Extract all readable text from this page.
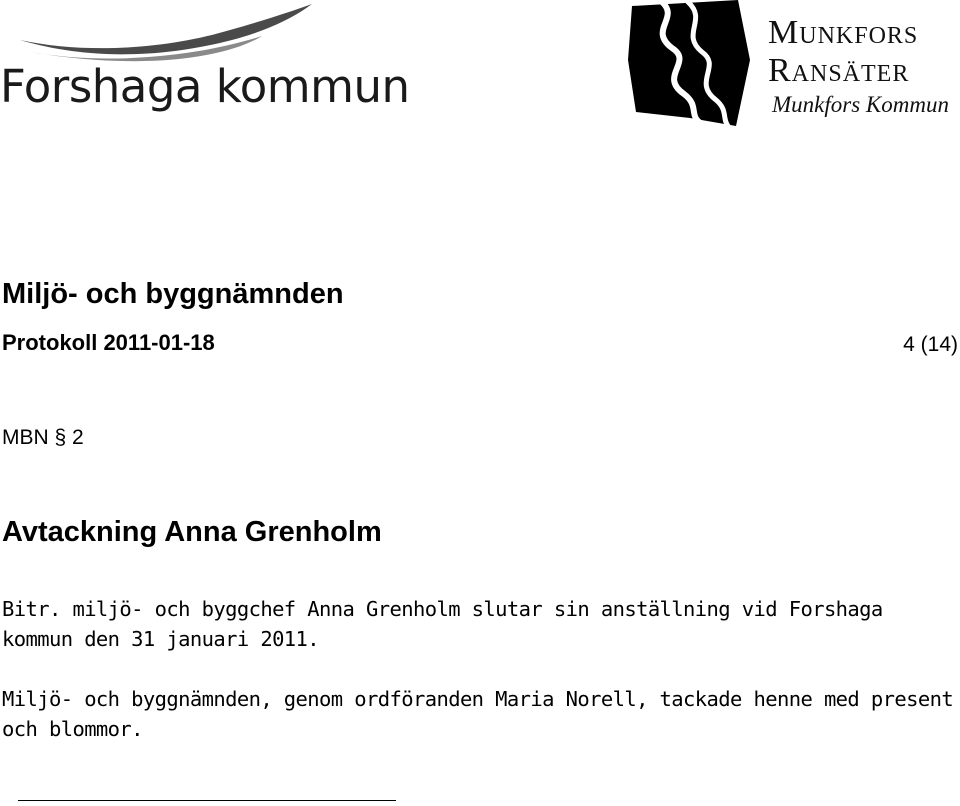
Forshaga kommun
Munkfors
Ransäter
Munkfors Kommun
Miljö- och byggnämnden
Protokoll 2011-01-18	4 (14)
MBN § 2
Avtackning Anna Grenholm
Bitr. miljö- och byggchef Anna Grenholm slutar sin anställning vid Forshaga kommun den 31 januari 2011.
Miljö- och byggnämnden, genom ordföranden Maria Norell, tackade henne med present och blommor.
